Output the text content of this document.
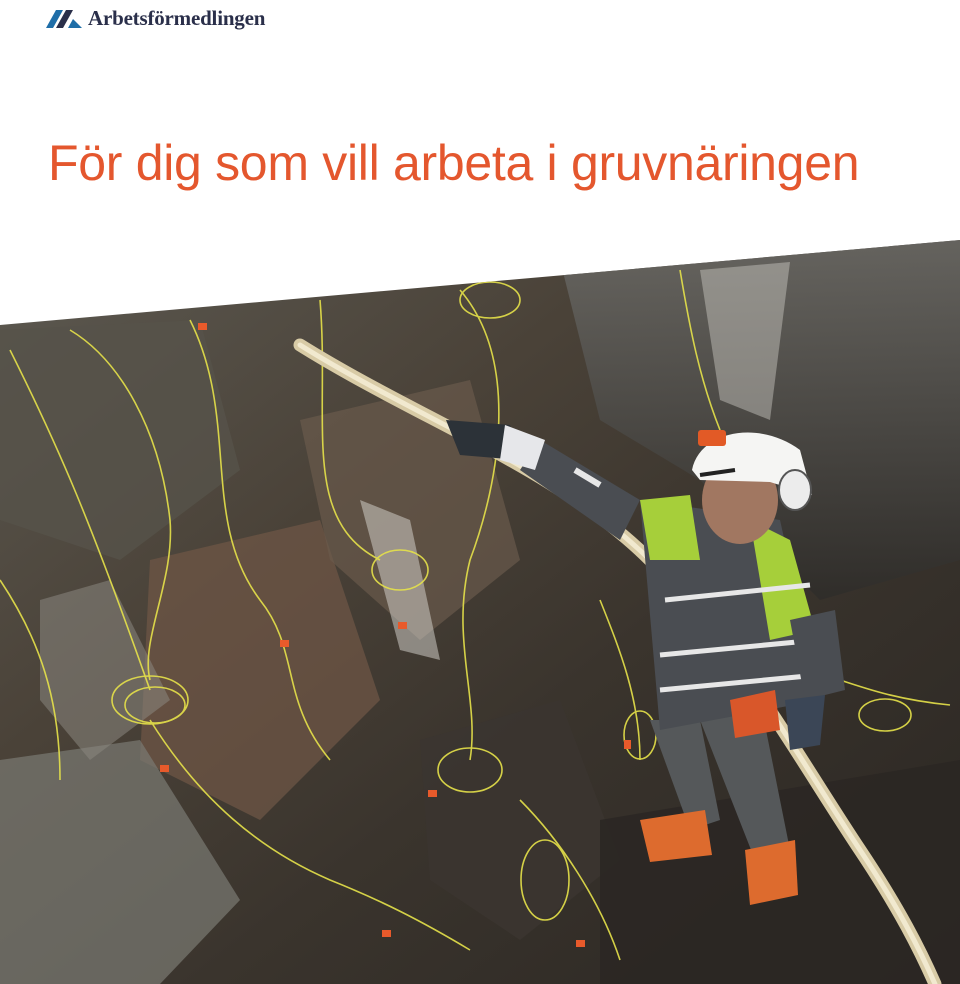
Arbetsförmedlingen
För dig som vill arbeta i gruvnäringen
